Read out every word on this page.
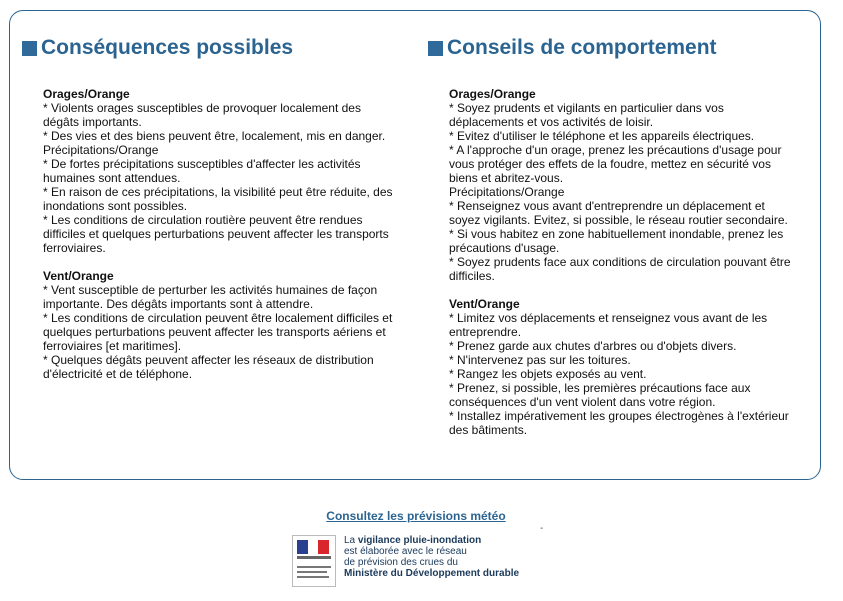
Conséquences possibles
Orages/Orange
* Violents orages susceptibles de provoquer localement des
dégâts importants.
* Des vies et des biens peuvent être, localement, mis en danger.
Précipitations/Orange
* De fortes précipitations susceptibles d'affecter les activités
humaines sont attendues.
* En raison de ces précipitations, la visibilité peut être réduite, des
inondations sont possibles.
* Les conditions de circulation routière peuvent être rendues
difficiles et quelques perturbations peuvent affecter les transports
ferroviaires.
Vent/Orange
* Vent susceptible de perturber les activités humaines de façon
importante. Des dégâts importants sont à attendre.
* Les conditions de circulation peuvent être localement difficiles et
quelques perturbations peuvent affecter les transports aériens et
ferroviaires [et maritimes].
* Quelques dégâts peuvent affecter les réseaux de distribution
d'électricité et de téléphone.
Conseils de comportement
Orages/Orange
* Soyez prudents et vigilants en particulier dans vos
déplacements et vos activités de loisir.
* Evitez d'utiliser le téléphone et les appareils électriques.
* A l'approche d'un orage, prenez les précautions d'usage pour
vous protéger des effets de la foudre, mettez en sécurité vos
biens et abritez-vous.
Précipitations/Orange
* Renseignez vous avant d'entreprendre un déplacement et
soyez vigilants. Evitez, si possible, le réseau routier secondaire.
* Si vous habitez en zone habituellement inondable, prenez les
précautions d'usage.
* Soyez prudents face aux conditions de circulation pouvant être
difficiles.
Vent/Orange
* Limitez vos déplacements et renseignez vous avant de les
entreprendre.
* Prenez garde aux chutes d'arbres ou d'objets divers.
* N'intervenez pas sur les toitures.
* Rangez les objets exposés au vent.
* Prenez, si possible, les premières précautions face aux
conséquences d'un vent violent dans votre région.
* Installez impérativement les groupes électrogènes à l'extérieur
des bâtiments.
Consultez les prévisions météo
-
La vigilance pluie-inondation
est élaborée avec le réseau
de prévision des crues du
Ministère du Développement durable
